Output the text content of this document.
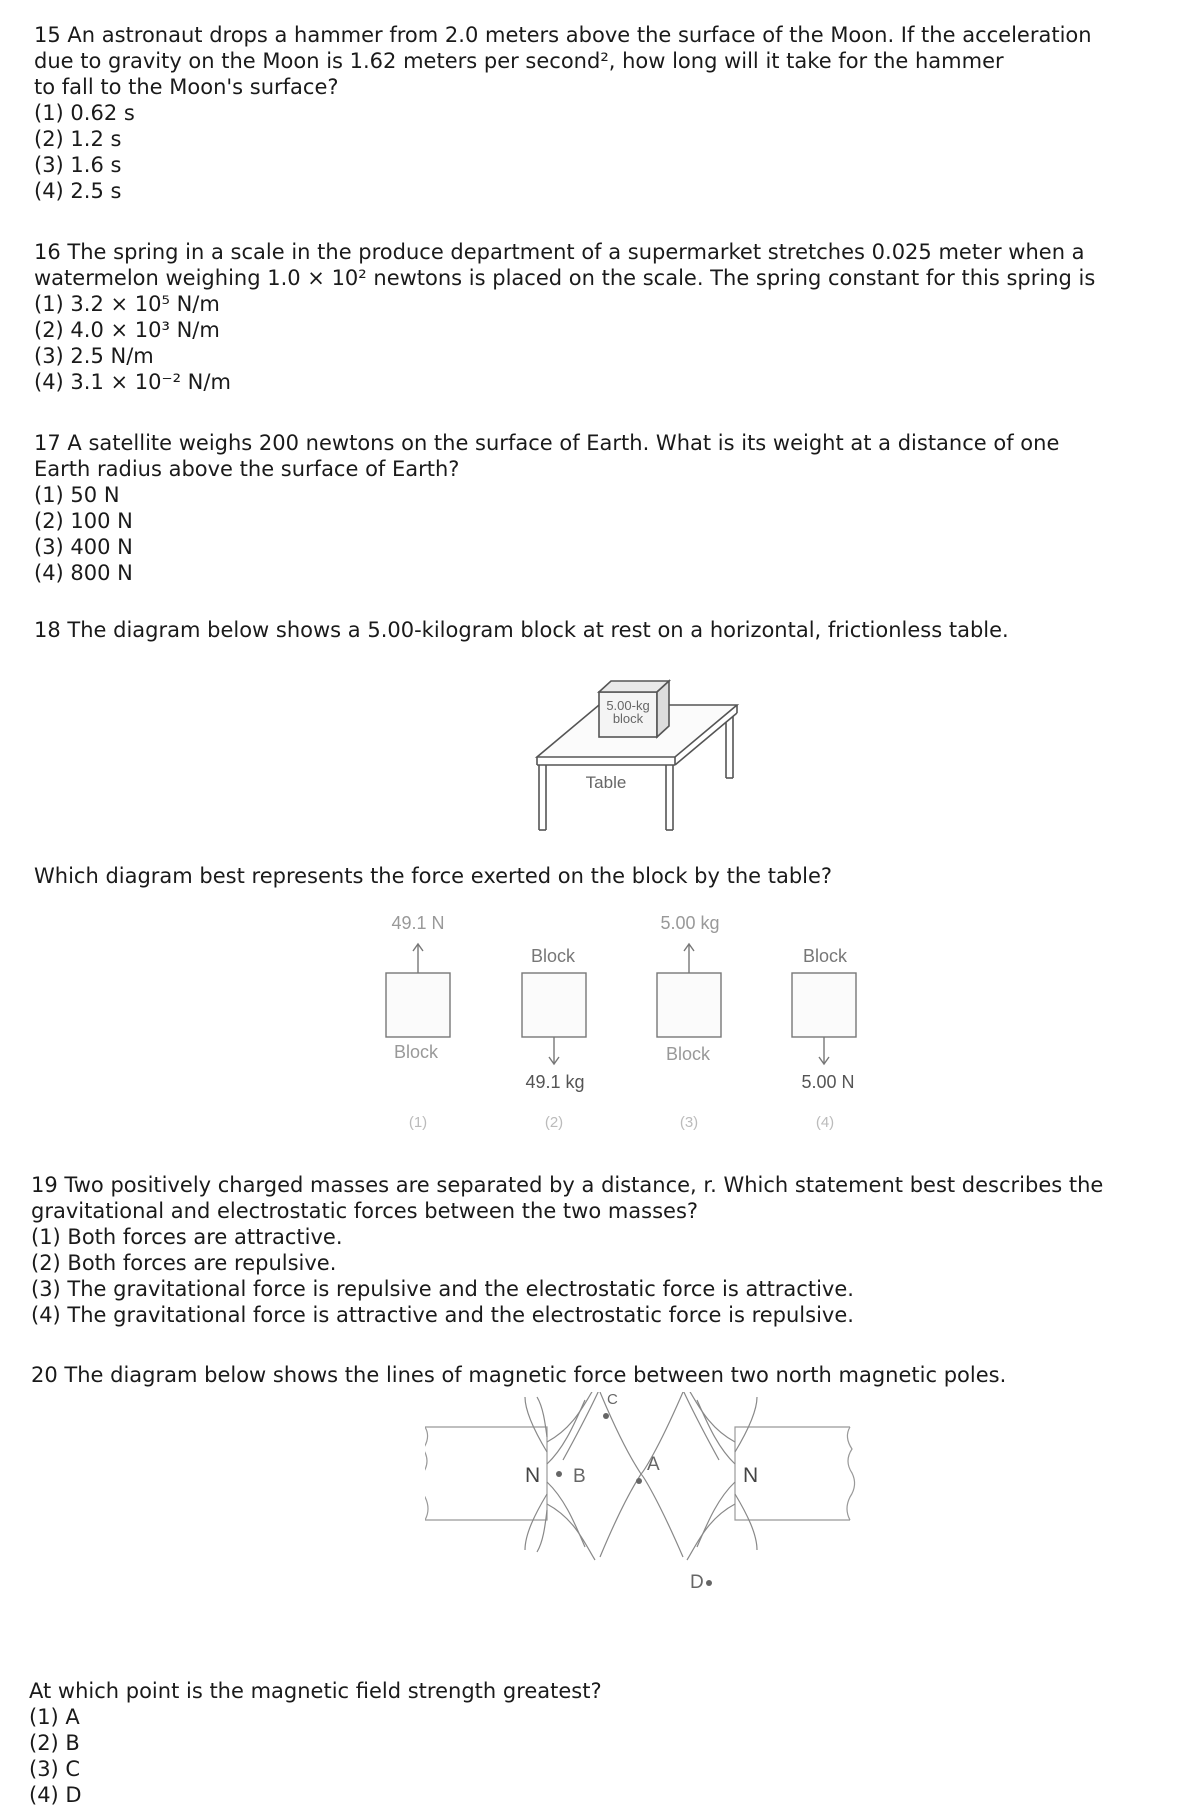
15 An astronaut drops a hammer from 2.0 meters above the surface of the Moon. If the acceleration

due to gravity on the Moon is 1.62 meters per second², how long will it take for the hammer

to fall to the Moon's surface?

(1) 0.62 s

(2) 1.2 s

(3) 1.6 s

(4) 2.5 s

16 The spring in a scale in the produce department of a supermarket stretches 0.025 meter when a

watermelon weighing 1.0 × 10² newtons is placed on the scale. The spring constant for this spring is

(1) 3.2 × 10⁵ N/m

(2) 4.0 × 10³ N/m

(3) 2.5 N/m

(4) 3.1 × 10⁻² N/m

17 A satellite weighs 200 newtons on the surface of Earth. What is its weight at a distance of one

Earth radius above the surface of Earth?

(1) 50 N

(2) 100 N

(3) 400 N

(4) 800 N

18 The diagram below shows a 5.00-kilogram block at rest on a horizontal, frictionless table.

5.00-kg
block
Table

Which diagram best represents the force exerted on the block by the table?

49.1 N
Block
(1)
Block
49.1 kg
(2)
5.00 kg
Block
(3)
Block
5.00 N
(4)

19 Two positively charged masses are separated by a distance, r. Which statement best describes the

gravitational and electrostatic forces between the two masses?

(1) Both forces are attractive.

(2) Both forces are repulsive.

(3) The gravitational force is repulsive and the electrostatic force is attractive.

(4) The gravitational force is attractive and the electrostatic force is repulsive.

20 The diagram below shows the lines of magnetic force between two north magnetic poles.

N	N
A
B
C
D

At which point is the magnetic field strength greatest?

(1) A

(2) B

(3) C

(4) D
